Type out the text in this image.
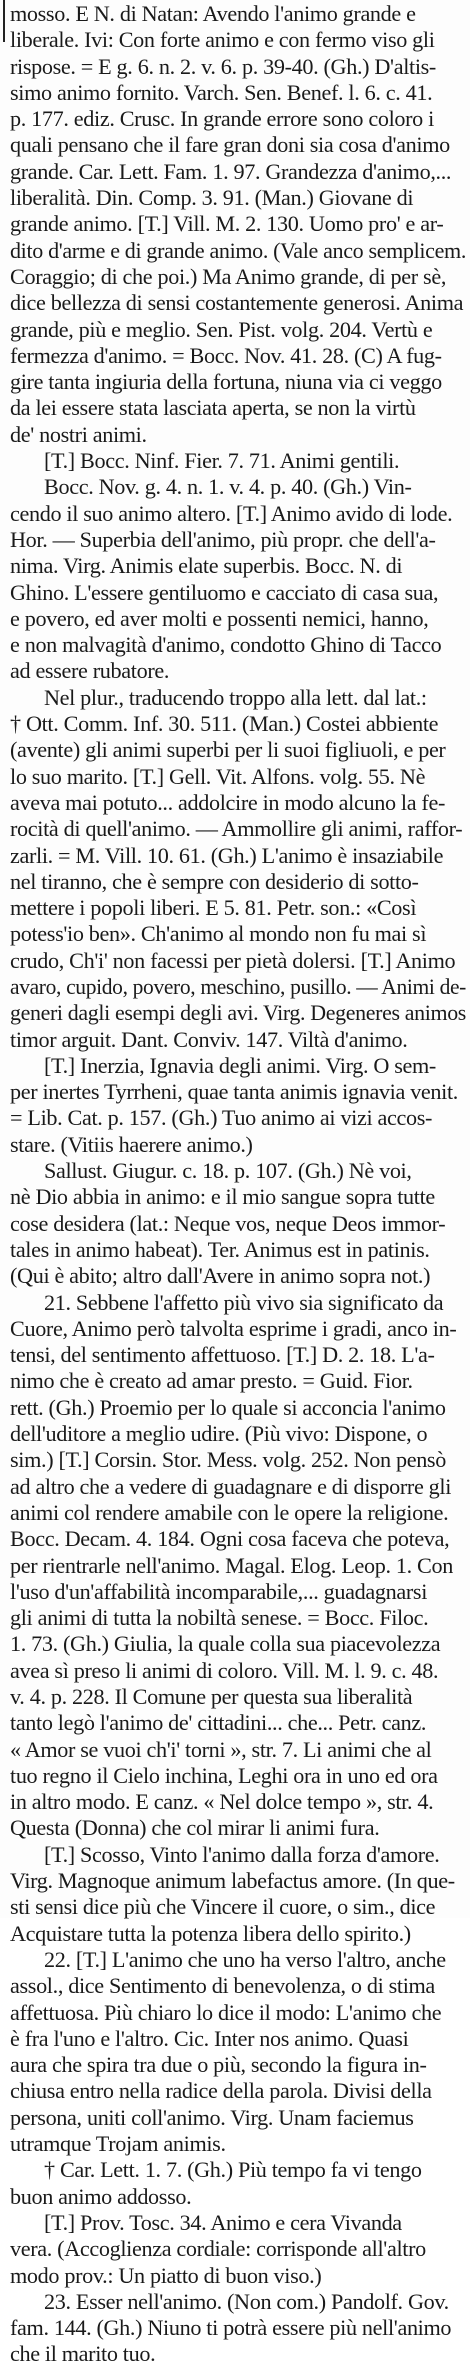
mosso. E N. di Natan: Avendo l'animo grande e
liberale. Ivi: Con forte animo e con fermo viso gli
rispose. = E g. 6. n. 2. v. 6. p. 39-40. (Gh.) D'altis-
simo animo fornito. Varch. Sen. Benef. l. 6. c. 41.
p. 177. ediz. Crusc. In grande errore sono coloro i
quali pensano che il fare gran doni sia cosa d'animo
grande. Car. Lett. Fam. 1. 97. Grandezza d'animo,...
liberalità. Din. Comp. 3. 91. (Man.) Giovane di
grande animo. [T.] Vill. M. 2. 130. Uomo pro' e ar-
dito d'arme e di grande animo. (Vale anco semplicem.
Coraggio; di che poi.) Ma Animo grande, di per sè,
dice bellezza di sensi costantemente generosi. Anima
grande, più e meglio. Sen. Pist. volg. 204. Vertù e
fermezza d'animo. = Bocc. Nov. 41. 28. (C) A fug-
gire tanta ingiuria della fortuna, niuna via ci veggo
da lei essere stata lasciata aperta, se non la virtù
de' nostri animi.
[T.] Bocc. Ninf. Fier. 7. 71. Animi gentili.
Bocc. Nov. g. 4. n. 1. v. 4. p. 40. (Gh.) Vin-
cendo il suo animo altero. [T.] Animo avido di lode.
Hor. — Superbia dell'animo, più propr. che dell'a-
nima. Virg. Animis elate superbis. Bocc. N. di
Ghino. L'essere gentiluomo e cacciato di casa sua,
e povero, ed aver molti e possenti nemici, hanno,
e non malvagità d'animo, condotto Ghino di Tacco
ad essere rubatore.
Nel plur., traducendo troppo alla lett. dal lat.:
† Ott. Comm. Inf. 30. 511. (Man.) Costei abbiente
(avente) gli animi superbi per li suoi figliuoli, e per
lo suo marito. [T.] Gell. Vit. Alfons. volg. 55. Nè
aveva mai potuto... addolcire in modo alcuno la fe-
rocità di quell'animo. — Ammollire gli animi, raffor-
zarli. = M. Vill. 10. 61. (Gh.) L'animo è insaziabile
nel tiranno, che è sempre con desiderio di sotto-
mettere i popoli liberi. E 5. 81. Petr. son.: «Così
potess'io ben». Ch'animo al mondo non fu mai sì
crudo, Ch'i' non facessi per pietà dolersi. [T.] Animo
avaro, cupido, povero, meschino, pusillo. — Animi de-
generi dagli esempi degli avi. Virg. Degeneres animos
timor arguit. Dant. Conviv. 147. Viltà d'animo.
[T.] Inerzia, Ignavia degli animi. Virg. O sem-
per inertes Tyrrheni, quae tanta animis ignavia venit.
= Lib. Cat. p. 157. (Gh.) Tuo animo ai vizi accos-
stare. (Vitiis haerere animo.)
Sallust. Giugur. c. 18. p. 107. (Gh.) Nè voi,
nè Dio abbia in animo: e il mio sangue sopra tutte
cose desidera (lat.: Neque vos, neque Deos immor-
tales in animo habeat). Ter. Animus est in patinis.
(Qui è abito; altro dall'Avere in animo sopra not.)
21. Sebbene l'affetto più vivo sia significato da
Cuore, Animo però talvolta esprime i gradi, anco in-
tensi, del sentimento affettuoso. [T.] D. 2. 18. L'a-
nimo che è creato ad amar presto. = Guid. Fior.
rett. (Gh.) Proemio per lo quale si acconcia l'animo
dell'uditore a meglio udire. (Più vivo: Dispone, o
sim.) [T.] Corsin. Stor. Mess. volg. 252. Non pensò
ad altro che a vedere di guadagnare e di disporre gli
animi col rendere amabile con le opere la religione.
Bocc. Decam. 4. 184. Ogni cosa faceva che poteva,
per rientrarle nell'animo. Magal. Elog. Leop. 1. Con
l'uso d'un'affabilità incomparabile,... guadagnarsi
gli animi di tutta la nobiltà senese. = Bocc. Filoc.
1. 73. (Gh.) Giulia, la quale colla sua piacevolezza
avea sì preso li animi di coloro. Vill. M. l. 9. c. 48.
v. 4. p. 228. Il Comune per questa sua liberalità
tanto legò l'animo de' cittadini... che... Petr. canz.
« Amor se vuoi ch'i' torni », str. 7. Li animi che al
tuo regno il Cielo inchina, Leghi ora in uno ed ora
in altro modo. E canz. « Nel dolce tempo », str. 4.
Questa (Donna) che col mirar li animi fura.
[T.] Scosso, Vinto l'animo dalla forza d'amore.
Virg. Magnoque animum labefactus amore. (In que-
sti sensi dice più che Vincere il cuore, o sim., dice
Acquistare tutta la potenza libera dello spirito.)
22. [T.] L'animo che uno ha verso l'altro, anche
assol., dice Sentimento di benevolenza, o di stima
affettuosa. Più chiaro lo dice il modo: L'animo che
è fra l'uno e l'altro. Cic. Inter nos animo. Quasi
aura che spira tra due o più, secondo la figura in-
chiusa entro nella radice della parola. Divisi della
persona, uniti coll'animo. Virg. Unam faciemus
utramque Trojam animis.
† Car. Lett. 1. 7. (Gh.) Più tempo fa vi tengo
buon animo addosso.
[T.] Prov. Tosc. 34. Animo e cera Vivanda
vera. (Accoglienza cordiale: corrisponde all'altro
modo prov.: Un piatto di buon viso.)
23. Esser nell'animo. (Non com.) Pandolf. Gov.
fam. 144. (Gh.) Niuno ti potrà essere più nell'animo
che il marito tuo.
